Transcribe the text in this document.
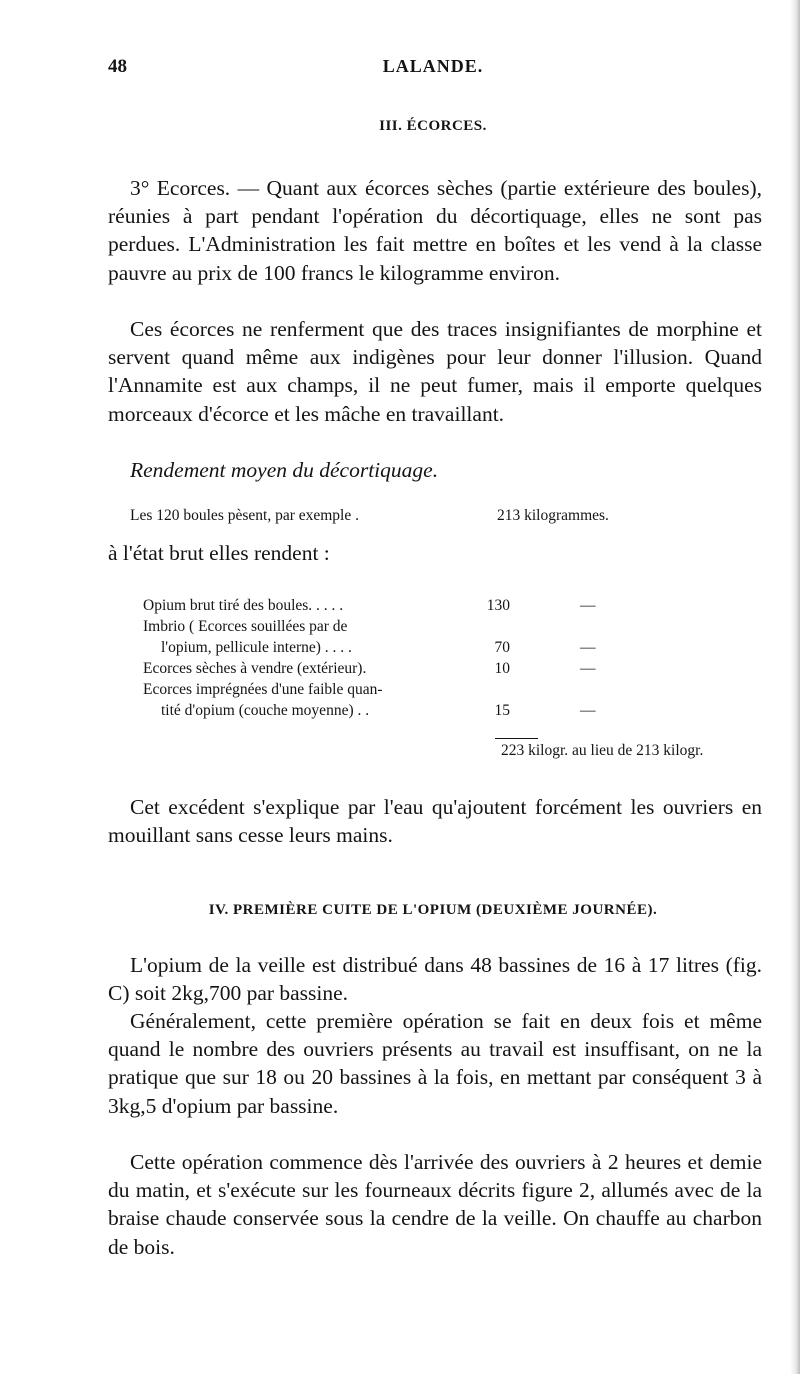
48	LALANDE.
III. ÉCORCES.

3° Ecorces. — Quant aux écorces sèches (partie extérieure des boules), réunies à part pendant l'opération du décortiquage, elles ne sont pas perdues. L'Administration les fait mettre en boîtes et les vend à la classe pauvre au prix de 100 francs le kilogramme environ.

Ces écorces ne renferment que des traces insignifiantes de morphine et servent quand même aux indigènes pour leur donner l'illusion. Quand l'Annamite est aux champs, il ne peut fumer, mais il emporte quelques morceaux d'écorce et les mâche en travaillant.

Rendement moyen du décortiquage.

Les 120 boules pèsent, par exemple .	213 kilogrammes.

à l'état brut elles rendent :

Opium brut tiré des boules. . . . .	130	—
Imbrio ( Ecorces souillées par de
l'opium, pellicule interne) . . . .	70	—
Ecorces sèches à vendre (extérieur).	10	—
Ecorces imprégnées d'une faible quan-
tité d'opium (couche moyenne) . .	15	—
223 kilogr. au lieu de 213 kilogr.

Cet excédent s'explique par l'eau qu'ajoutent forcément les ouvriers en mouillant sans cesse leurs mains.

IV. PREMIÈRE CUITE DE L'OPIUM (DEUXIÈME JOURNÉE).

L'opium de la veille est distribué dans 48 bassines de 16 à 17 litres (fig. C) soit 2kg,700 par bassine.

Généralement, cette première opération se fait en deux fois et même quand le nombre des ouvriers présents au travail est insuffisant, on ne la pratique que sur 18 ou 20 bassines à la fois, en mettant par conséquent 3 à 3kg,5 d'opium par bassine.

Cette opération commence dès l'arrivée des ouvriers à 2 heures et demie du matin, et s'exécute sur les fourneaux décrits figure 2, allumés avec de la braise chaude conservée sous la cendre de la veille. On chauffe au charbon de bois.
